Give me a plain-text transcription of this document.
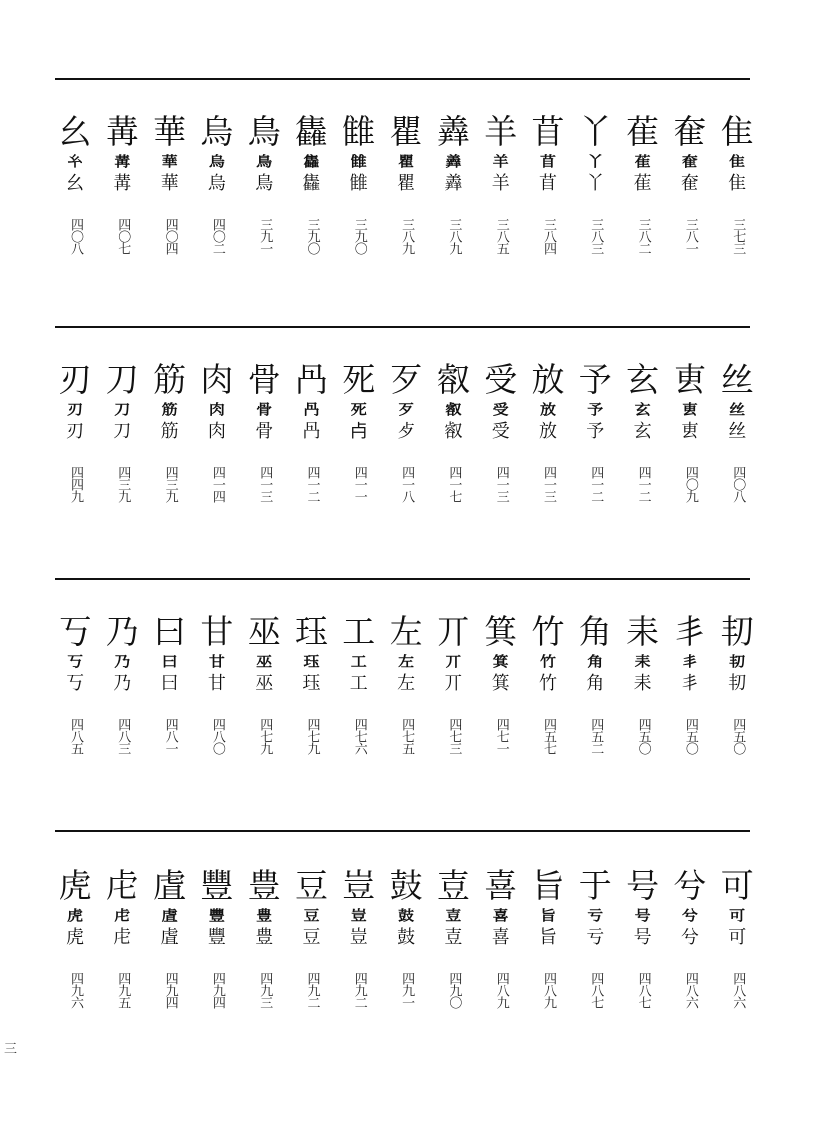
幺
𢆯
幺
四〇八
冓
冓
冓
四〇七
華
華
華
四〇四
烏
烏
烏
四〇二
鳥
鳥
鳥
三九一
雥
雥
雥
三九〇
雔
雔
雔
三九〇
瞿
瞿
瞿
三八九
羴
羴
羴
三八九
羊
羊
羊
三八五
苜
苜
苜
三八四
丫
丫
丫
三八三
萑
萑
萑
三八二
奞
奞
奞
三八一
隹
隹
隹
三七三
刃
刃
刃
四四九
刀
刀
刀
四三九
筋
筋
筋
四三九
肉
肉
肉
四一四
骨
骨
骨
四一三
冎
冎
冎
四一二
死
死
𣦵
四一一
歹
歹
歺
四一八
㕡
㕡
㕡
四一七
受
受
受
四一三
放
放
放
四一三
予
予
予
四一二
玄
玄
玄
四一二
叀
叀
叀
四〇九
丝
丝
丝
四〇八
丂
丂
丂
四八五
乃
乃
乃
四八三
曰
曰
曰
四八一
甘
甘
甘
四八〇
巫
巫
巫
四七九
珏
珏
珏
四七九
工
工
工
四七六
左
左
左
四七五
丌
丌
丌
四七三
箕
箕
箕
四七一
竹
竹
竹
四五七
角
角
角
四五二
耒
耒
耒
四五〇
丯
丯
丯
四五〇
㓞
㓞
㓞
四五〇
虎
虎
虎
四九六
虍
虍
虍
四九五
虘
虘
虘
四九四
豐
豐
豐
四九四
豊
豊
豊
四九三
豆
豆
豆
四九二
豈
豈
豈
四九二
鼓
鼓
鼓
四九一
壴
壴
壴
四九〇
喜
喜
喜
四八九
旨
旨
旨
四八九
于
亏
亏
四八七
号
号
号
四八七
兮
兮
兮
四八六
可
可
可
四八六
三
